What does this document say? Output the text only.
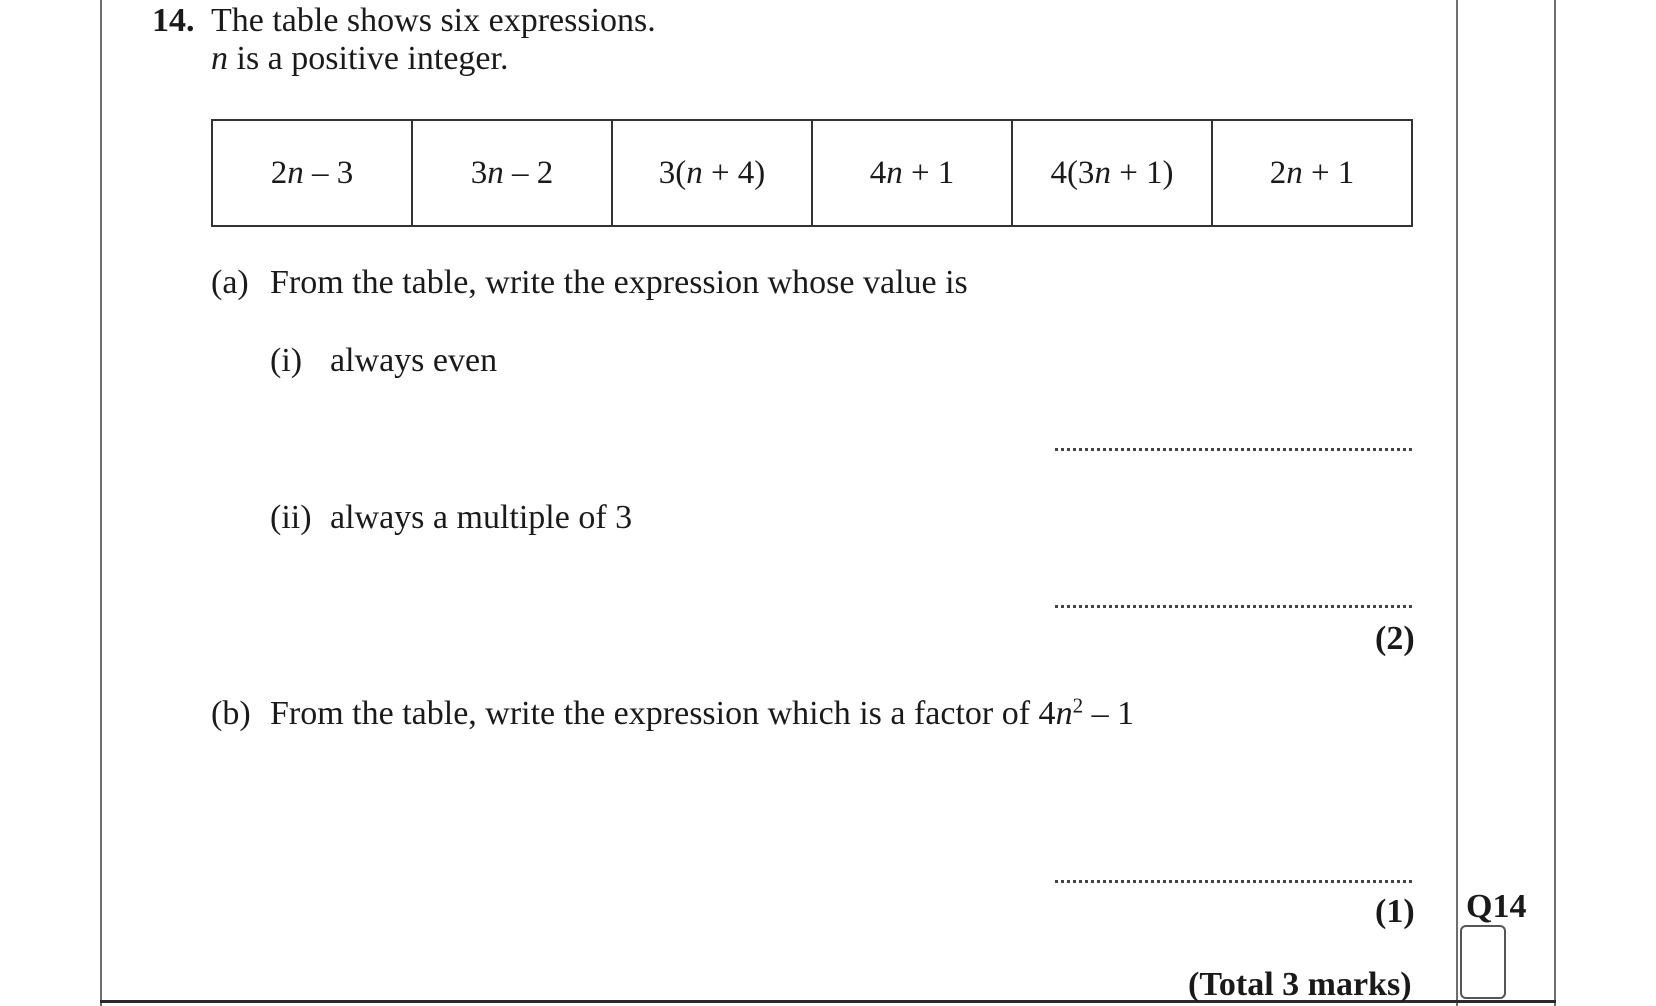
14. The table shows six expressions.
n is a positive integer.
2n – 3	3n – 2	3(n + 4)	4n + 1	4(3n + 1)	2n + 1
(a) From the table, write the expression whose value is
(i) always even
(ii) always a multiple of 3
(2)
(b) From the table, write the expression which is a factor of $4n^2 - 1$
(1) Q14
(Total 3 marks)
